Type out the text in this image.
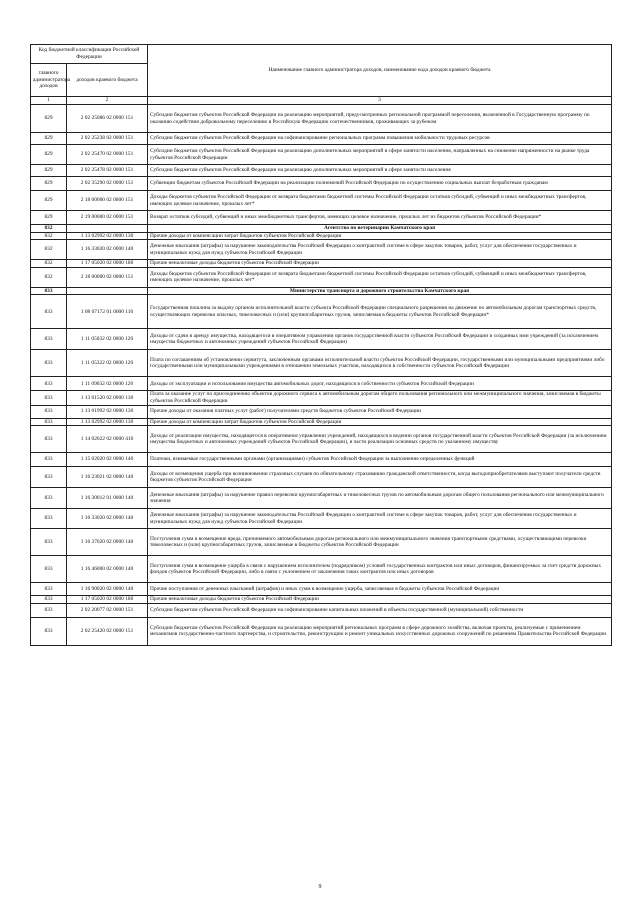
Код бюджетной классификации Российской Федерации		Наименование главного администратора доходов, наименование кода доходов краевого бюджета
главного администратора доходов	доходов краевого бюджета	
1	2	3
829	2 02 25086 02 0000 151	Субсидии бюджетам субъектов Российской Федерации на реализацию мероприятий, предусмотренных региональной программой переселения, включенной в Государственную программу по оказанию содействия добровольному переселению в Российскую Федерацию соотечественников, проживающих за рубежом
829	2 02 25238 02 0000 151	Субсидии бюджетам субъектов Российской Федерации на софинансирование региональных программ повышения мобильности трудовых ресурсов
829	2 02 25470 02 0000 151	Субсидии бюджетам субъектов Российской Федерации на реализацию дополнительных мероприятий в сфере занятости населения, направленных на снижение напряженности на рынке труда субъектов Российской Федерации
829	2 02 25478 02 0000 151	Субсидии бюджетам субъектов Российской Федерации на реализацию дополнительных мероприятий в сфере занятости населения
829	2 02 35290 02 0000 151	Субвенции бюджетам субъектов Российской Федерации на реализацию полномочий Российской Федерации по осуществлению социальных выплат безработным гражданам
829	2 18 00000 02 0000 151	Доходы бюджетов субъектов Российской Федерации от возврата бюджетами бюджетной системы Российской Федерации остатков субсидий, субвенций и иных межбюджетных трансфертов, имеющих целевое назначение, прошлых лет*
829	2 19 00000 02 0000 151	Возврат остатков субсидий, субвенций и иных межбюджетных трансфертов, имеющих целевое назначение, прошлых лет из бюджетов субъектов Российской Федерации*
832		Агентство по ветеринарии Камчатского края
832	1 13 02992 02 0000 130	Прочие доходы от компенсации затрат бюджетов субъектов Российской Федерации
832	1 16 33020 02 0000 140	Денежные взыскания (штрафы) за нарушение законодательства Российской Федерации о контрактной системе в сфере закупок товаров, работ, услуг для обеспечения государственных и муниципальных нужд для нужд субъектов Российской Федерации
832	1 17 05020 02 0000 180	Прочие неналоговые доходы бюджетов субъектов Российской Федерации
832	2 18 00000 02 0000 151	Доходы бюджетов субъектов Российской Федерации от возврата бюджетами бюджетной системы Российской Федерации остатков субсидий, субвенций и иных межбюджетных трансфертов, имеющих целевое назначение, прошлых лет*
833		Министерство транспорта и дорожного строительства Камчатского края
833	1 08 07172 01 0000 110	Государственная пошлина за выдачу органом исполнительной власти субъекта Российской Федерации специального разрешения на движение по автомобильным дорогам транспортных средств, осуществляющих перевозки опасных, тяжеловесных и (или) крупногабаритных грузов, зачисляемая в бюджеты субъектов Российской Федерации*
833	1 11 05032 02 0000 120	Доходы от сдачи в аренду имущества, находящегося в оперативном управлении органов государственной власти субъектов Российской Федерации и созданных ими учреждений (за исключением имущества бюджетных и автономных учреждений субъектов Российской Федерации)
833	1 11 05322 02 0000 120	Плата по соглашениям об установлении сервитута, заключенным органами исполнительной власти субъектов Российской Федерации, государственными или муниципальными предприятиями либо государственными или муниципальными учреждениями в отношении земельных участков, находящихся в собственности субъектов Российской Федерации
833	1 11 09032 02 0000 120	Доходы от эксплуатации и использования имущества автомобильных дорог, находящихся в собственности субъектов Российской Федерации
833	1 13 01520 02 0000 130	Плата за оказание услуг по присоединению объектов дорожного сервиса к автомобильным дорогам общего пользования регионального или межмуниципального значения, зачисляемая в бюджеты субъектов Российской Федерации
833	1 13 01992 02 0000 130	Прочие доходы от оказания платных услуг (работ) получателями средств бюджетов субъектов Российской Федерации
833	1 13 02992 02 0000 130	Прочие доходы от компенсации затрат бюджетов субъектов Российской Федерации
833	1 14 02022 02 0000 410	Доходы от реализации имущества, находящегося в оперативном управлении учреждений, находящихся в ведении органов государственной власти субъектов Российской Федерации (за исключением имущества бюджетных и автономных учреждений субъектов Российской Федерации), в части реализации основных средств по указанному имуществу
833	1 15 02020 02 0000 140	Платежи, взимаемые государственными органами (организациями) субъектов Российской Федерации за выполнение определенных функций
833	1 16 23021 02 0000 140	Доходы от возмещения ущерба при возникновении страховых случаев по обязательному страхованию гражданской ответственности, когда выгодоприобретателями выступают получатели средств бюджетов субъектов Российской Федерации
833	1 16 30012 01 0000 140	Денежные взыскания (штрафы) за нарушение правил перевозки крупногабаритных и тяжеловесных грузов по автомобильным дорогам общего пользования регионального или межмуниципального значения
833	1 16 33020 02 0000 140	Денежные взыскания (штрафы) за нарушение законодательства Российской Федерации о контрактной системе в сфере закупок товаров, работ, услуг для обеспечения государственных и муниципальных нужд для нужд субъектов Российской Федерации
833	1 16 37020 02 0000 140	Поступления сумм в возмещение вреда, причиняемого автомобильным дорогам регионального или межмуниципального значения транспортными средствами, осуществляющими перевозки тяжеловесных и (или) крупногабаритных грузов, зачисляемые в бюджеты субъектов Российской Федерации
833	1 16 46000 02 0000 140	Поступления сумм в возмещение ущерба в связи с нарушением исполнителем (подрядчиком) условий государственных контрактов или иных договоров, финансируемых за счет средств дорожных фондов субъектов Российской Федерации, либо в связи с уклонением от заключения таких контрактов или иных договоров
833	1 16 90020 02 0000 140	Прочие поступления от денежных взысканий (штрафов) и иных сумм в возмещение ущерба, зачисляемые в бюджеты субъектов Российской Федерации
833	1 17 05020 02 0000 180	Прочие неналоговые доходы бюджетов субъектов Российской Федерации
833	2 02 20077 02 0000 151	Субсидии бюджетам субъектов Российской Федерации на софинансирование капитальных вложений в объекты государственной (муниципальной) собственности
833	2 02 25420 02 0000 151	Субсидии бюджетам субъектов Российской Федерации на реализацию мероприятий региональных программ в сфере дорожного хозяйства, включая проекты, реализуемые с применением механизмов государственно-частного партнерства, и строительство, реконструкцию и ремонт уникальных искусственных дорожных сооружений по решениям Правительства Российской Федерации
9
